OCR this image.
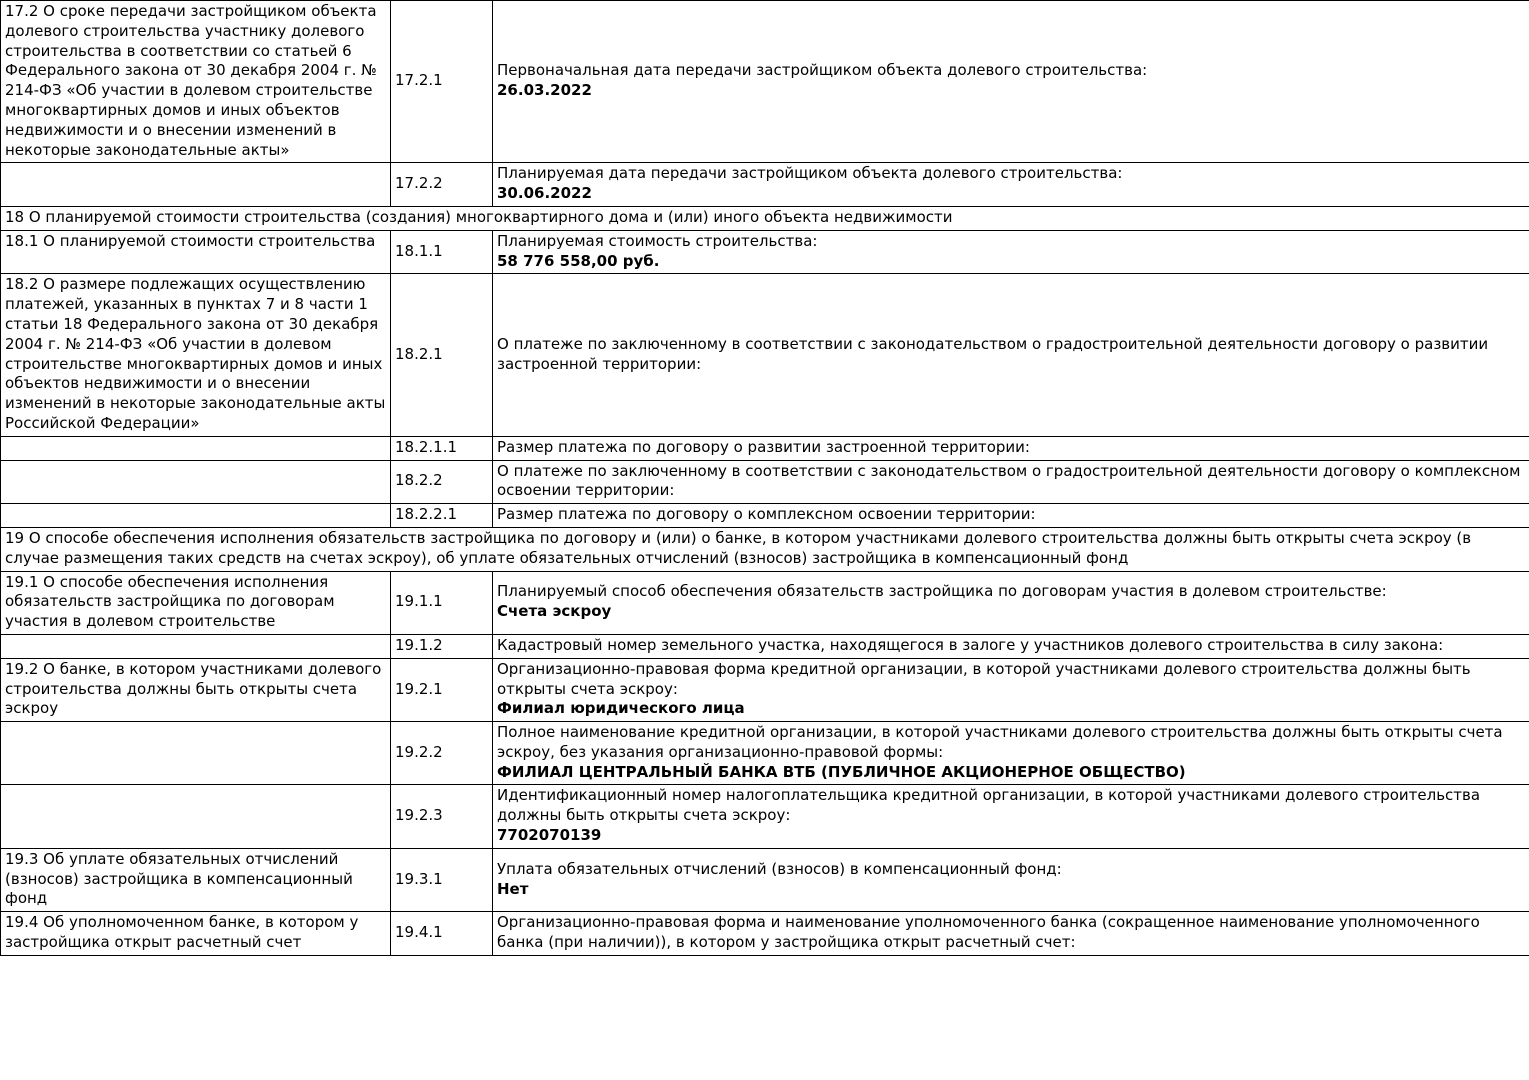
17.2 О сроке передачи застройщиком объекта долевого строительства участнику долевого строительства в соответствии со статьей 6 Федерального закона от 30 декабря 2004 г. № 214-ФЗ «Об участии в долевом строительстве многоквартирных домов и иных объектов недвижимости и о внесении изменений в некоторые законодательные акты»	17.2.1	Первоначальная дата передачи застройщиком объекта долевого строительства:
26.03.2022

	17.2.2	Планируемая дата передачи застройщиком объекта долевого строительства:
30.06.2022

18 О планируемой стоимости строительства (создания) многоквартирного дома и (или) иного объекта недвижимости		
18.1 О планируемой стоимости строительства	18.1.1	Планируемая стоимость строительства:
58 776 558,00 руб.

18.2 О размере подлежащих осуществлению платежей, указанных в пунктах 7 и 8 части 1 статьи 18 Федерального закона от 30 декабря 2004 г. № 214-ФЗ «Об участии в долевом строительстве многоквартирных домов и иных объектов недвижимости и о внесении изменений в некоторые законодательные акты Российской Федерации»	18.2.1	О платеже по заключенному в соответствии с законодательством о градостроительной деятельности договору о развитии застроенной территории:

	18.2.1.1	Размер платежа по договору о развитии застроенной территории:

	18.2.2	О платеже по заключенному в соответствии с законодательством о градостроительной деятельности договору о комплексном освоении территории:

	18.2.2.1	Размер платежа по договору о комплексном освоении территории:

19 О способе обеспечения исполнения обязательств застройщика по договору и (или) о банке, в котором участниками долевого строительства должны быть открыты счета эскроу (в случае размещения таких средств на счетах эскроу), об уплате обязательных отчислений (взносов) застройщика в компенсационный фонд		
19.1 О способе обеспечения исполнения обязательств застройщика по договорам участия в долевом строительстве	19.1.1	Планируемый способ обеспечения обязательств застройщика по договорам участия в долевом строительстве:
Счета эскроу

	19.1.2	Кадастровый номер земельного участка, находящегося в залоге у участников долевого строительства в силу закона:

19.2 О банке, в котором участниками долевого строительства должны быть открыты счета эскроу	19.2.1	Организационно-правовая форма кредитной организации, в которой участниками долевого строительства должны быть открыты счета эскроу:
Филиал юридического лица

	19.2.2	Полное наименование кредитной организации, в которой участниками долевого строительства должны быть открыты счета эскроу, без указания организационно-правовой формы:
ФИЛИАЛ ЦЕНТРАЛЬНЫЙ БАНКА ВТБ (ПУБЛИЧНОЕ АКЦИОНЕРНОЕ ОБЩЕСТВО)

	19.2.3	Идентификационный номер налогоплательщика кредитной организации, в которой участниками долевого строительства должны быть открыты счета эскроу:
7702070139

19.3 Об уплате обязательных отчислений (взносов) застройщика в компенсационный фонд	19.3.1	Уплата обязательных отчислений (взносов) в компенсационный фонд:
Нет

19.4 Об уполномоченном банке, в котором у застройщика открыт расчетный счет	19.4.1	Организационно-правовая форма и наименование уполномоченного банка (сокращенное наименование уполномоченного банка (при наличии)), в котором у застройщика открыт расчетный счет:
